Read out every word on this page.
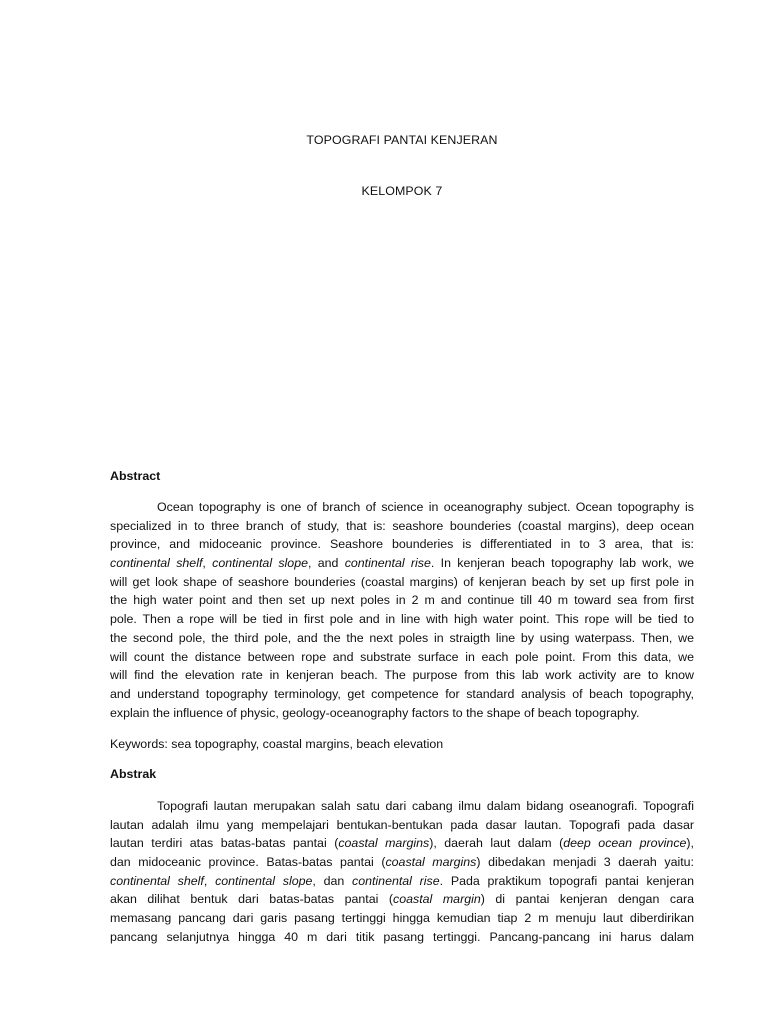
TOPOGRAFI PANTAI KENJERAN
KELOMPOK 7
Abstract
Ocean topography is one of branch of science in oceanography subject. Ocean topography is
specialized in to three branch of study, that is: seashore bounderies (coastal margins), deep ocean
province, and midoceanic province. Seashore bounderies is differentiated in to 3 area, that is:
continental shelf, continental slope, and continental rise. In kenjeran beach topography lab work, we
will get look shape of seashore bounderies (coastal margins) of kenjeran beach by set up first pole in
the high water point and then set up next poles in 2 m and continue till 40 m toward sea from first
pole. Then a rope will be tied in first pole and in line with high water point. This rope will be tied to
the second pole, the third pole, and the the next poles in straigth line by using waterpass. Then, we
will count the distance between rope and substrate surface in each pole point. From this data, we
will find the elevation rate in kenjeran beach. The purpose from this lab work activity are to know
and understand topography terminology, get competence for standard analysis of beach topography,
explain the influence of physic, geology-oceanography factors to the shape of beach topography.
Keywords: sea topography, coastal margins, beach elevation
Abstrak
Topografi lautan merupakan salah satu dari cabang ilmu dalam bidang oseanografi. Topografi
lautan adalah ilmu yang mempelajari bentukan-bentukan pada dasar lautan. Topografi pada dasar
lautan terdiri atas batas-batas pantai (coastal margins), daerah laut dalam (deep ocean province),
dan midoceanic province. Batas-batas pantai (coastal margins) dibedakan menjadi 3 daerah yaitu:
continental shelf, continental slope, dan continental rise. Pada praktikum topografi pantai kenjeran
akan dilihat bentuk dari batas-batas pantai (coastal margin) di pantai kenjeran dengan cara
memasang pancang dari garis pasang tertinggi hingga kemudian tiap 2 m menuju laut diberdirikan
pancang selanjutnya hingga 40 m dari titik pasang tertinggi. Pancang-pancang ini harus dalam
